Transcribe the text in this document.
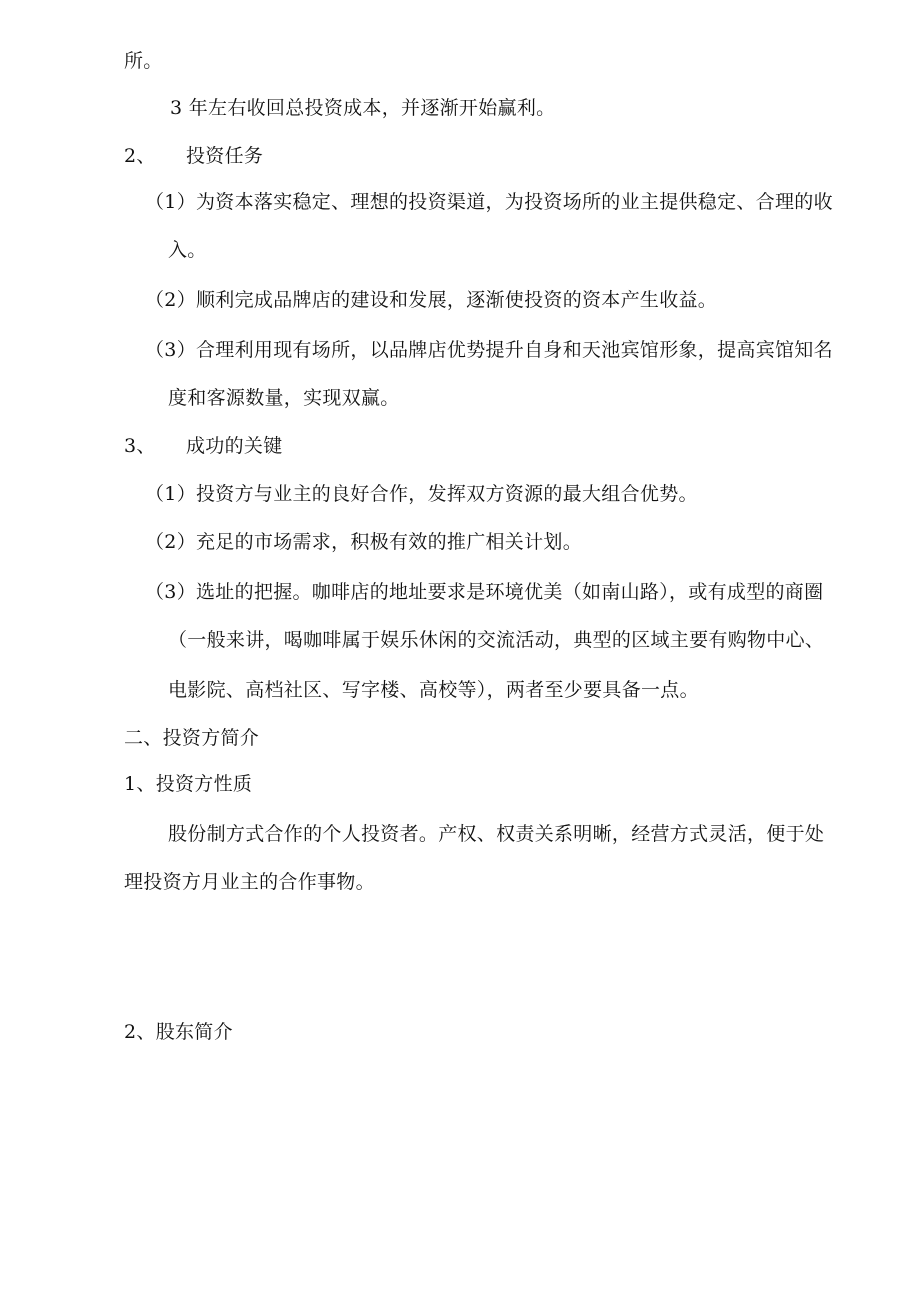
所。
3 年左右收回总投资成本，并逐渐开始赢利。
2、 投资任务
（1）为资本落实稳定、理想的投资渠道，为投资场所的业主提供稳定、合理的收
入。
（2）顺利完成品牌店的建设和发展，逐渐使投资的资本产生收益。
（3）合理利用现有场所，以品牌店优势提升自身和天池宾馆形象，提高宾馆知名
度和客源数量，实现双赢。
3、 成功的关键
（1）投资方与业主的良好合作，发挥双方资源的最大组合优势。
（2）充足的市场需求，积极有效的推广相关计划。
（3）选址的把握。咖啡店的地址要求是环境优美（如南山路），或有成型的商圈
（一般来讲，喝咖啡属于娱乐休闲的交流活动，典型的区域主要有购物中心、
电影院、高档社区、写字楼、高校等），两者至少要具备一点。
二、投资方简介
1、投资方性质
股份制方式合作的个人投资者。产权、权责关系明晰，经营方式灵活，便于处
理投资方月业主的合作事物。
2、股东简介
